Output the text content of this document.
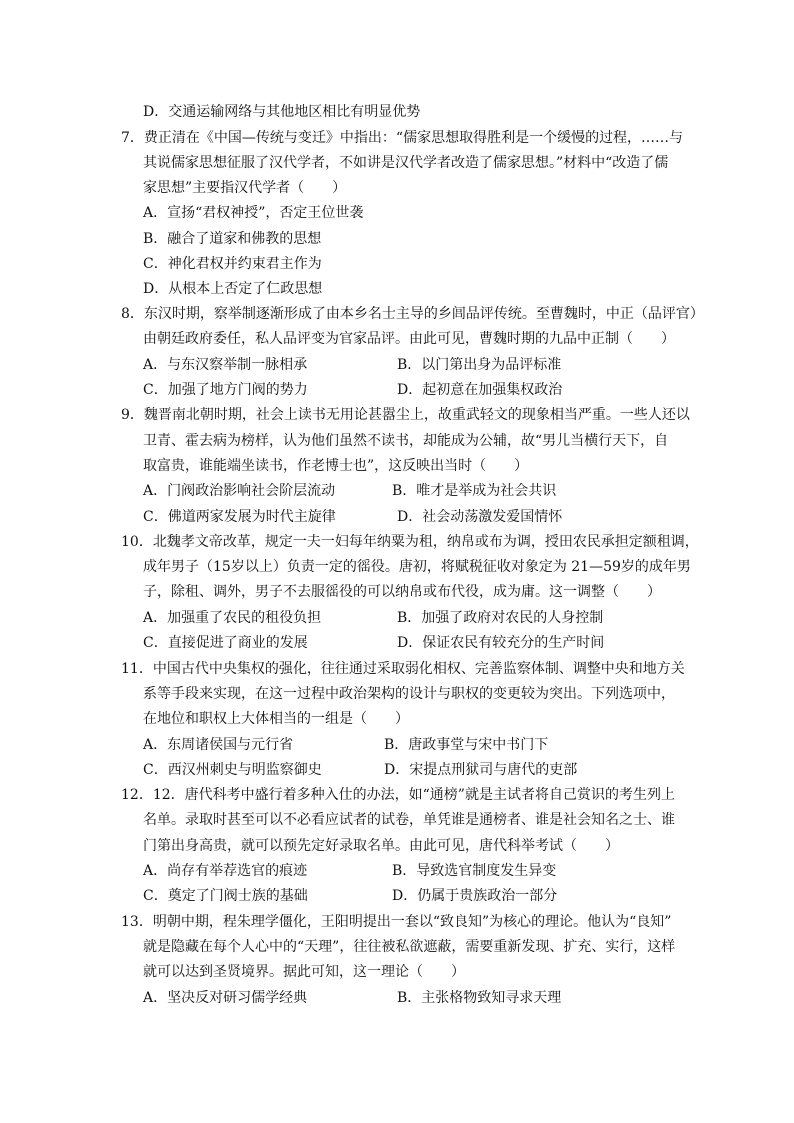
D．交通运输网络与其他地区相比有明显优势
7．费正清在《中国—传统与变迁》中指出：“儒家思想取得胜利是一个缓慢的过程，……与
其说儒家思想征服了汉代学者，不如讲是汉代学者改造了儒家思想。”材料中“改造了儒
家思想”主要指汉代学者（　　）
A．宣扬“君权神授”，否定王位世袭
B．融合了道家和佛教的思想
C．神化君权并约束君主作为
D．从根本上否定了仁政思想
8．东汉时期，察举制逐渐形成了由本乡名士主导的乡闾品评传统。至曹魏时，中正（品评官）
由朝廷政府委任，私人品评变为官家品评。由此可见，曹魏时期的九品中正制（　　）
A．与东汉察举制一脉相承	B．以门第出身为品评标准
C．加强了地方门阀的势力	D．起初意在加强集权政治
9．魏晋南北朝时期，社会上读书无用论甚嚣尘上，故重武轻文的现象相当严重。一些人还以
卫青、霍去病为榜样，认为他们虽然不读书，却能成为公辅，故“男儿当横行天下，自
取富贵，谁能端坐读书，作老博士也”，这反映出当时（　　）
A．门阀政治影响社会阶层流动	B．唯才是举成为社会共识
C．佛道两家发展为时代主旋律	D．社会动荡激发爱国情怀
10．北魏孝文帝改革，规定一夫一妇每年纳粟为租，纳帛或布为调，授田农民承担定额租调，
成年男子（15岁以上）负责一定的徭役。唐初，将赋税征收对象定为 21—59岁的成年男
子，除租、调外，男子不去服徭役的可以纳帛或布代役，成为庸。这一调整（　　）
A．加强重了农民的租役负担	B．加强了政府对农民的人身控制
C．直接促进了商业的发展	D．保证农民有较充分的生产时间
11．中国古代中央集权的强化，往往通过采取弱化相权、完善监察体制、调整中央和地方关
系等手段来实现，在这一过程中政治架构的设计与职权的变更较为突出。下列选项中，
在地位和职权上大体相当的一组是（　　）
A．东周诸侯国与元行省	B．唐政事堂与宋中书门下
C．西汉州刺史与明监察御史	D．宋提点刑狱司与唐代的吏部
12．12．唐代科考中盛行着多种入仕的办法，如“通榜”就是主试者将自己赏识的考生列上
名单。录取时甚至可以不必看应试者的试卷，单凭谁是通榜者、谁是社会知名之士、谁
门第出身高贵，就可以预先定好录取名单。由此可见，唐代科举考试（　　）
A．尚存有举荐选官的痕迹	B．导致选官制度发生异变
C．奠定了门阀士族的基础	D．仍属于贵族政治一部分
13．明朝中期，程朱理学僵化，王阳明提出一套以“致良知”为核心的理论。他认为“良知”
就是隐藏在每个人心中的“天理”，往往被私欲遮蔽，需要重新发现、扩充、实行，这样
就可以达到圣贤境界。据此可知，这一理论（　　）
A．坚决反对研习儒学经典	B．主张格物致知寻求天理
